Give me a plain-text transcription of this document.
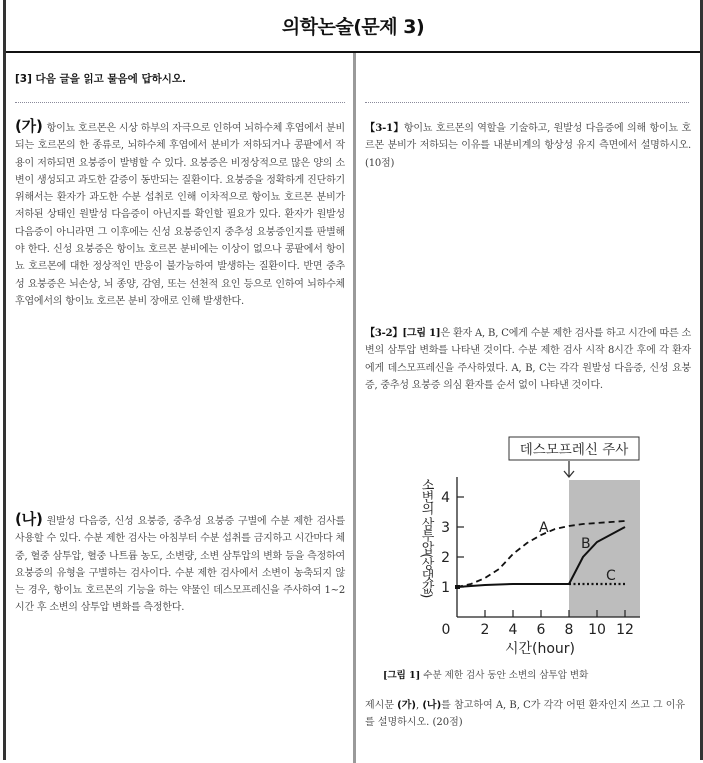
의학논술(문제 3)
[3] 다음 글을 읽고 물음에 답하시오.
(가) 항이뇨 호르몬은 시상 하부의 자극으로 인하여 뇌하수체 후엽에서 분비되는 호르몬의 한 종류로, 뇌하수체 후엽에서 분비가 저하되거나 콩팥에서 작용이 저하되면 요붕증이 발병할 수 있다. 요붕증은 비정상적으로 많은 양의 소변이 생성되고 과도한 갈증이 동반되는 질환이다. 요붕증을 정확하게 진단하기 위해서는 환자가 과도한 수분 섭취로 인해 이차적으로 항이뇨 호르몬 분비가 저하된 상태인 원발성 다음증이 아닌지를 확인할 필요가 있다. 환자가 원발성 다음증이 아니라면 그 이후에는 신성 요붕증인지 중추성 요붕증인지를 판별해야 한다. 신성 요붕증은 항이뇨 호르몬 분비에는 이상이 없으나 콩팥에서 항이뇨 호르몬에 대한 정상적인 반응이 불가능하여 발생하는 질환이다. 반면 중추성 요붕증은 뇌손상, 뇌 종양, 감염, 또는 선천적 요인 등으로 인하여 뇌하수체 후엽에서의 항이뇨 호르몬 분비 장애로 인해 발생한다.
(나) 원발성 다음증, 신성 요붕증, 중추성 요붕증 구별에 수분 제한 검사를 사용할 수 있다. 수분 제한 검사는 아침부터 수분 섭취를 금지하고 시간마다 체중, 혈중 삼투압, 혈중 나트륨 농도, 소변량, 소변 삼투압의 변화 등을 측정하여 요붕증의 유형을 구별하는 검사이다. 수분 제한 검사에서 소변이 농축되지 않는 경우, 항이뇨 호르몬의 기능을 하는 약물인 데스모프레신을 주사하여 1~2시간 후 소변의 삼투압 변화를 측정한다.
【3-1】항이뇨 호르몬의 역할을 기술하고, 원발성 다음증에 의해 항이뇨 호르몬 분비가 저하되는 이유를 내분비계의 항상성 유지 측면에서 설명하시오. (10점)
【3-2】[그림 1]은 환자 A, B, C에게 수분 제한 검사를 하고 시간에 따른 소변의 삼투압 변화를 나타낸 것이다. 수분 제한 검사 시작 8시간 후에 각 환자에게 데스모프레신을 주사하였다. A, B, C는 각각 원발성 다음증, 신성 요붕증, 중추성 요붕증 의심 환자를 순서 없이 나타낸 것이다.
데스모프레신 주사
1
2
3
4
0 2 4 6 8 10 12
시간(hour)
소변의 삼투압(상댓값)	A
B
C
[그림 1] 수분 제한 검사 동안 소변의 삼투압 변화
제시문 (가), (나)를 참고하여 A, B, C가 각각 어떤 환자인지 쓰고 그 이유를 설명하시오. (20점)
